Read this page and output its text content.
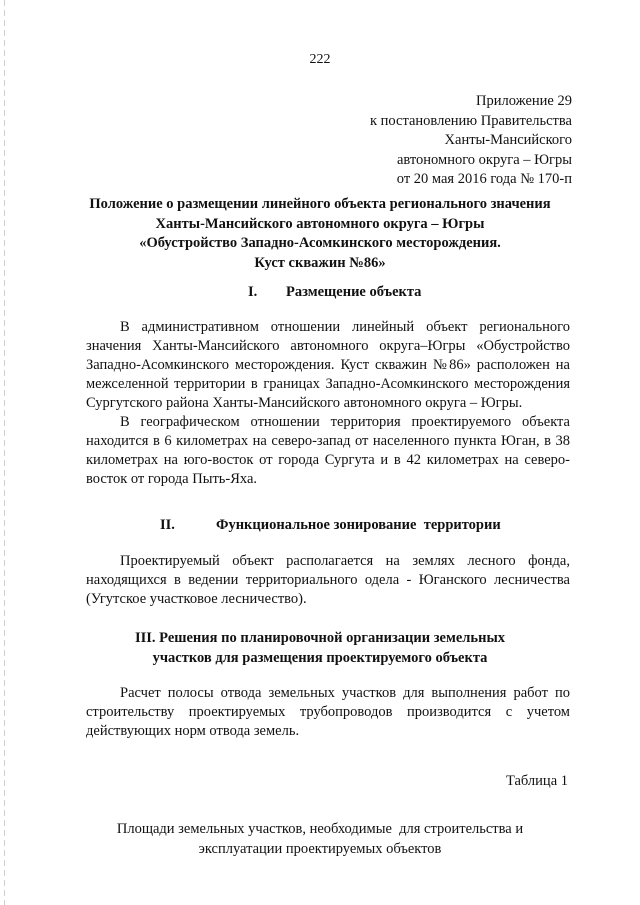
222
Приложение 29
к постановлению Правительства
Ханты-Мансийского
автономного округа – Югры
от 20 мая 2016 года № 170-п
Положение о размещении линейного объекта регионального значения
Ханты-Мансийского автономного округа – Югры
«Обустройство Западно-Асомкинского месторождения.
Куст скважин №86»
I. Размещение объекта

В административном отношении линейный объект регионального значения Ханты-Мансийского автономного округа–Югры «Обустройство Западно-Асомкинского месторождения. Куст скважин №86» расположен на межселенной территории в границах Западно-Асомкинского месторождения Сургутского района Ханты-Мансийского автономного округа – Югры.

В географическом отношении территория проектируемого объекта находится в 6 километрах на северо-запад от населенного пункта Юган, в 38 километрах на юго-восток от города Сургута и в 42 километрах на северо-восток от города Пыть-Яха.

II.	Функциональное зонирование  территории

Проектируемый объект располагается на землях лесного фонда, находящихся в ведении территориального одела - Юганского лесничества (Угутское участковое лесничество).

III. Решения по планировочной организации земельных
участков для размещения проектируемого объекта

Расчет полосы отвода земельных участков для выполнения работ по строительству проектируемых трубопроводов производится с учетом действующих норм отвода земель.

Таблица 1
Площади земельных участков, необходимые  для строительства и
эксплуатации проектируемых объектов
